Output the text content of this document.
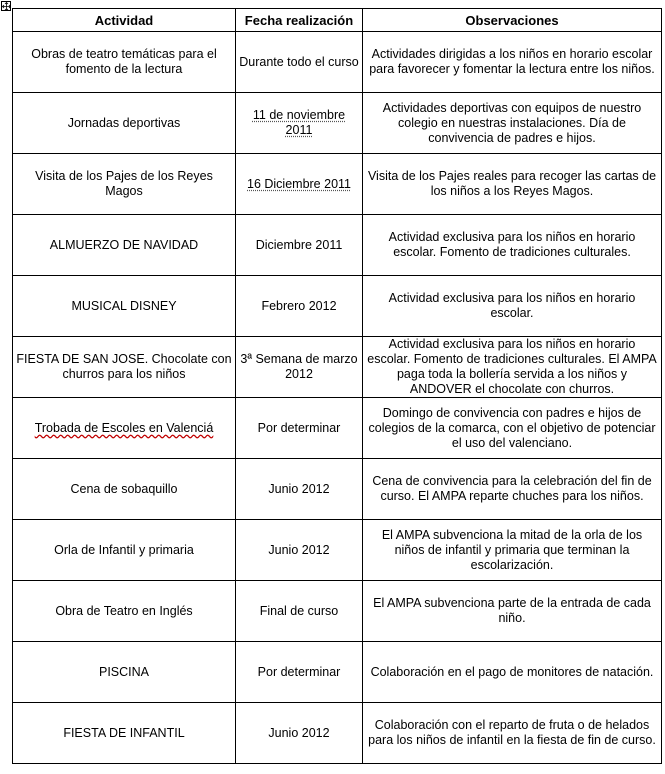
Actividad	Fecha realización	Observaciones
Obras de teatro temáticas para el fomento de la lectura	Durante todo el curso	Actividades dirigidas a los niños en horario escolar para favorecer y fomentar la lectura entre los niños.
Jornadas deportivas	11 de noviembre 2011	Actividades deportivas con equipos de nuestro colegio en nuestras instalaciones. Día de convivencia de padres e hijos.
Visita de los Pajes de los Reyes Magos	16 Diciembre 2011	Visita de los Pajes reales para recoger las cartas de los niños a los Reyes Magos.
ALMUERZO DE NAVIDAD	Diciembre 2011	Actividad exclusiva para los niños en horario escolar. Fomento de tradiciones culturales.
MUSICAL DISNEY	Febrero 2012	Actividad exclusiva para los niños en horario escolar.
FIESTA DE SAN JOSE. Chocolate con churros para los niños	3ª Semana de marzo 2012	Actividad exclusiva para los niños en horario escolar. Fomento de tradiciones culturales. El AMPA paga toda la bollería servida a los niños y ANDOVER el chocolate con churros.
Trobada de Escoles en Valenciá	Por determinar	Domingo de convivencia con padres e hijos de colegios de la comarca, con el objetivo de potenciar el uso del valenciano.
Cena de sobaquillo	Junio 2012	Cena de convivencia para la celebración del fin de curso. El AMPA reparte chuches para los niños.
Orla de Infantil y primaria	Junio 2012	El AMPA subvenciona la mitad de la orla de los niños de infantil y primaria que terminan la escolarización.
Obra de Teatro en Inglés	Final de curso	El AMPA subvenciona parte de la entrada de cada niño.
PISCINA	Por determinar	Colaboración en el pago de monitores de natación.
FIESTA DE INFANTIL	Junio 2012	Colaboración con el reparto de fruta o de helados para los niños de infantil en la fiesta de fin de curso.
